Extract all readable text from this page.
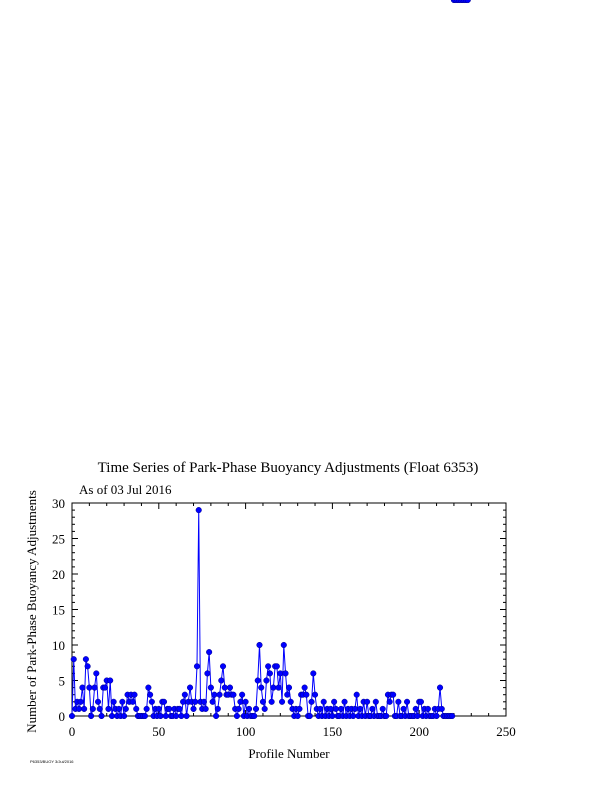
Time Series of Park-Phase Buoyancy Adjustments (Float 6353)
As of 03 Jul 2016
0	50	100	150	200	250
0
5
10
15
20
25
30
Profile Number
Number of Park-Phase Buoyancy Adjustments
P6353/BUOY 3/Jul/2016
